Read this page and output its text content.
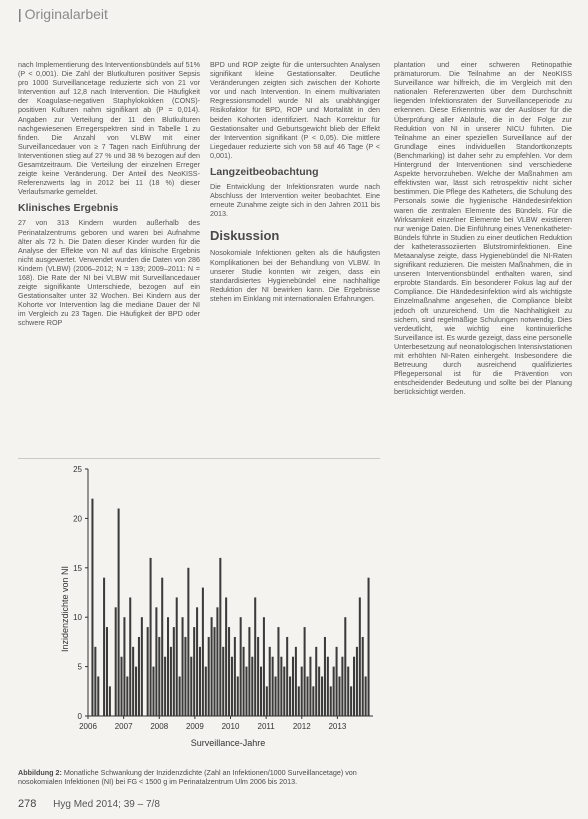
| Originalarbeit

nach Implementierung des Interventionsbündels auf 51% (P < 0,001). Die Zahl der Blutkulturen positiver Sepsis pro 1000 Surveillancetage reduzierte sich von 21 vor Intervention auf 12,8 nach Intervention. Die Häufigkeit der Koagulase-negativen Staphylokokken (CONS)-positiven Kulturen nahm signifikant ab (P = 0,014). Angaben zur Verteilung der 11 den Blutkulturen nachgewiesenen Erregerspektren sind in Tabelle 1 zu finden. Die Anzahl von VLBW mit einer Surveillancedauer von ≥ 7 Tagen nach Einführung der Interventionen stieg auf 27 % und 38 % bezogen auf den Gesamtzeitraum. Die Verteilung der einzelnen Erreger zeigte keine Veränderung. Der Anteil des NeoKISS-Referenzwerts lag in 2012 bei 11 (18 %) dieser Verlaufsmarke gemeldet.

Klinisches Ergebnis

27 von 313 Kindern wurden außerhalb des Perinatalzentrums geboren und waren bei Aufnahme älter als 72 h. Die Daten dieser Kinder wurden für die Analyse der Effekte von NI auf das klinische Ergebnis nicht ausgewertet. Verwendet wurden die Daten von 286 Kindern (VLBW) (2006–2012; N = 139; 2009–2011: N = 168). Die Rate der NI bei VLBW mit Surveillancedauer zeigte signifikante Unterschiede, bezogen auf ein Gestationsalter unter 32 Wochen. Bei Kindern aus der Kohorte vor Intervention lag die mediane Dauer der NI im Vergleich zu 23 Tagen. Die Häufigkeit der BPD oder schwere ROP

BPD und ROP zeigte für die untersuchten Analysen signifikant kleine Gestationsalter. Deutliche Veränderungen zeigten sich zwischen der Kohorte vor und nach Intervention. In einem multivariaten Regressionsmodell wurde NI als unabhängiger Risikofaktor für BPD, ROP und Mortalität in den beiden Kohorten identifiziert. Nach Korrektur für Gestationsalter und Geburtsgewicht blieb der Effekt der Intervention signifikant (P < 0,05). Die mittlere Liegedauer reduzierte sich von 58 auf 46 Tage (P < 0,001).

Langzeitbeobachtung

Die Entwicklung der Infektionsraten wurde nach Abschluss der Intervention weiter beobachtet. Eine erneute Zunahme zeigte sich in den Jahren 2011 bis 2013.

Diskussion

Nosokomiale Infektionen gelten als die häufigsten Komplikationen bei der Behandlung von VLBW. In unserer Studie konnten wir zeigen, dass ein standardisiertes Hygienebündel eine nachhaltige Reduktion der NI bewirken kann. Die Ergebnisse stehen im Einklang mit internationalen Erfahrungen.

plantation und einer schweren Retinopathie prämaturorum. Die Teilnahme an der NeoKISS Surveillance war hilfreich, die im Vergleich mit den nationalen Referenzwerten über dem Durchschnitt liegenden Infektionsraten der Surveillanceperiode zu erkennen. Diese Erkenntnis war der Auslöser für die Überprüfung aller Abläufe, die in der Folge zur Reduktion von NI in unserer NICU führten. Die Teilnahme an einer speziellen Surveillance auf der Grundlage eines individuellen Standortkonzepts (Benchmarking) ist daher sehr zu empfehlen. Vor dem Hintergrund der Interventionen sind verschiedene Aspekte hervorzuheben. Welche der Maßnahmen am effektivsten war, lässt sich retrospektiv nicht sicher bestimmen. Die Pflege des Katheters, die Schulung des Personals sowie die hygienische Händedesinfektion waren die zentralen Elemente des Bündels. Für die Wirksamkeit einzelner Elemente bei VLBW existieren nur wenige Daten. Die Einführung eines Venenkatheter-Bündels führte in Studien zu einer deutlichen Reduktion der katheterassoziierten Blutstrominfektionen. Eine Metaanalyse zeigte, dass Hygienebündel die NI-Raten signifikant reduzieren. Die meisten Maßnahmen, die in unseren Interventionsbündel enthalten waren, sind erprobte Standards. Ein besonderer Fokus lag auf der Compliance. Die Händedesinfektion wird als wichtigste Einzelmaßnahme angesehen, die Compliance bleibt jedoch oft unzureichend. Um die Nachhaltigkeit zu sichern, sind regelmäßige Schulungen notwendig. Dies verdeutlicht, wie wichtig eine kontinuierliche Surveillance ist. Es wurde gezeigt, dass eine personelle Unterbesetzung auf neonatologischen Intensivstationen mit erhöhten NI-Raten einhergeht. Insbesondere die Betreuung durch ausreichend qualifiziertes Pflegepersonal ist für die Prävention von entscheidender Bedeutung und sollte bei der Planung berücksichtigt werden.

Inzidenzdichte von NI
Surveillance-Jahre
25
20
15
10
5
0
2006 2007 2008 2009 2010 2011 2012 2013
Abbildung 2: Monatliche Schwankung der Inzidenzdichte (Zahl an Infektionen/1000 Surveillancetage) von nosokomialen Infektionen (NI) bei FG < 1500 g im Perinatalzentrum Ulm 2006 bis 2013.
278 Hyg Med 2014; 39 – 7/8
